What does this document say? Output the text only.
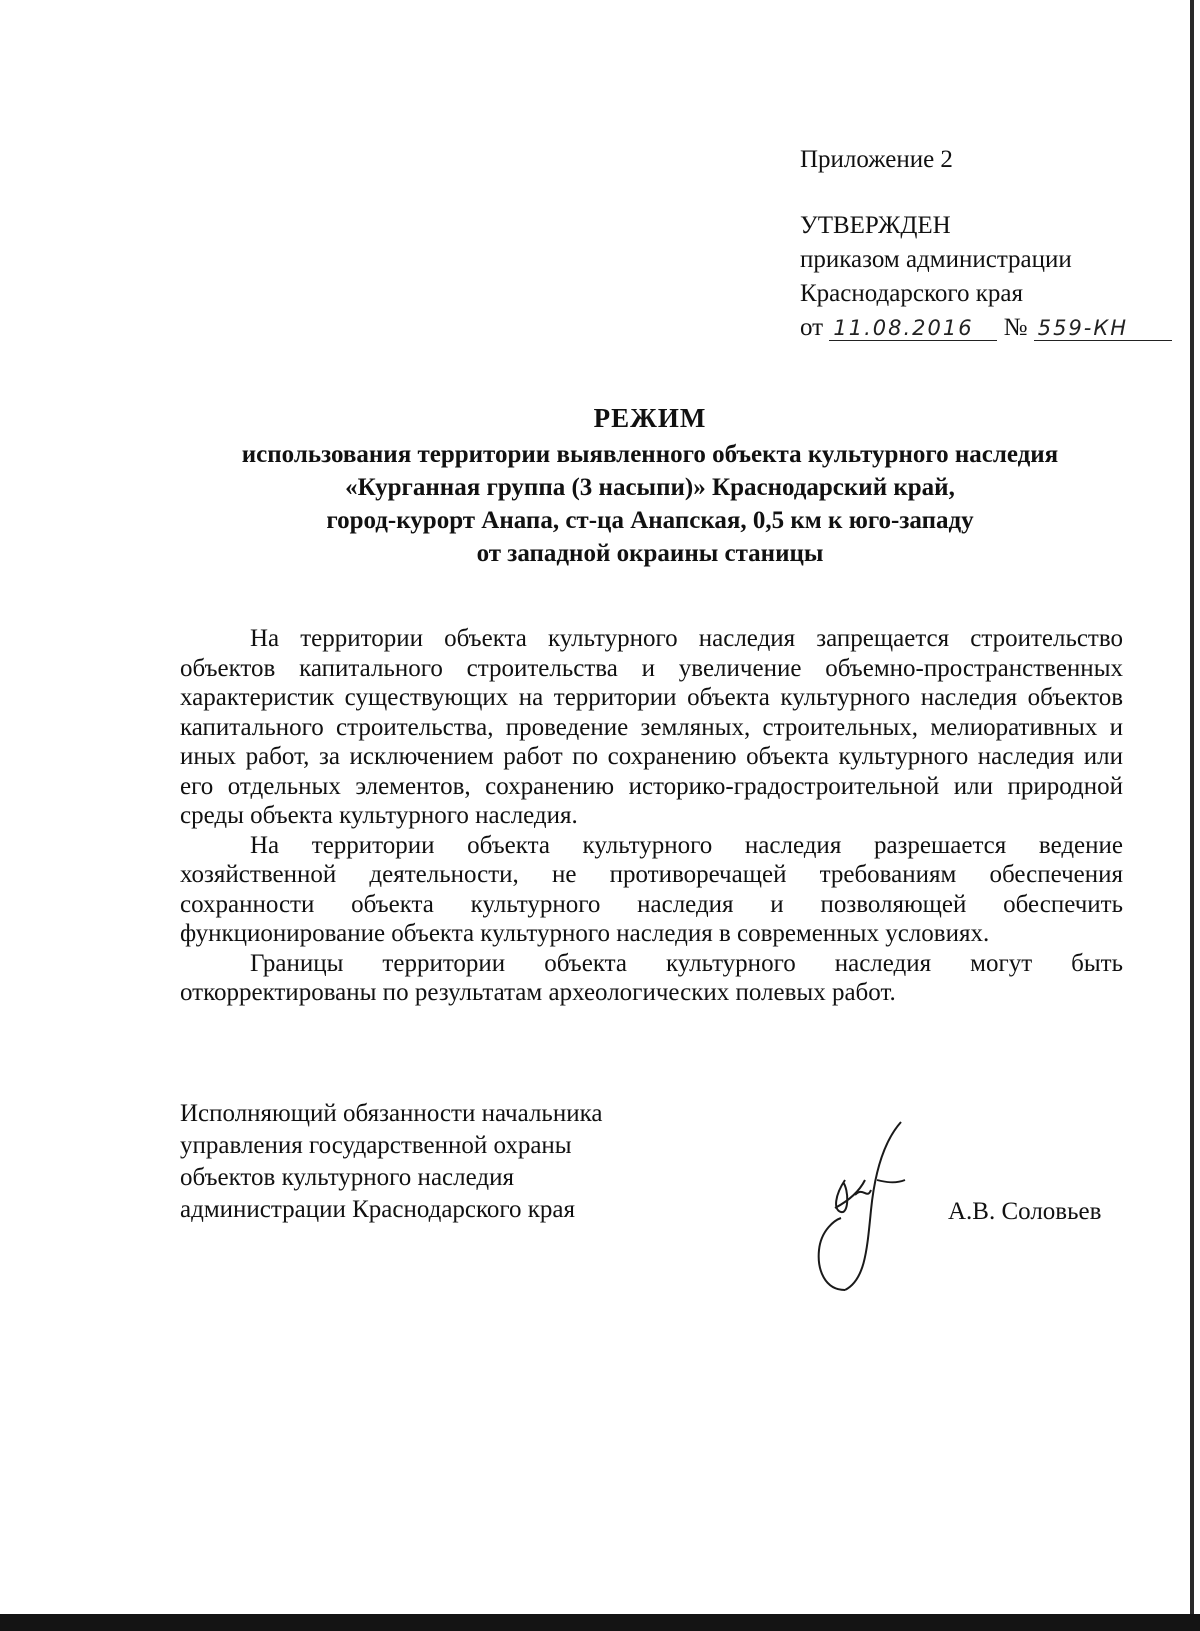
Приложение 2
УТВЕРЖДЕН
приказом администрации
Краснодарского края
от 11.08.2016 № 559-КН
РЕЖИМ
использования территории выявленного объекта культурного наследия
«Курганная группа (3 насыпи)» Краснодарский край,
город-курорт Анапа, ст-ца Анапская, 0,5 км к юго-западу
от западной окраины станицы

На территории объекта культурного наследия запрещается строительство объектов капитального строительства и увеличение объемно-пространственных характеристик существующих на территории объекта культурного наследия объектов капитального строительства, проведение земляных, строительных, мелиоративных и иных работ, за исключением работ по сохранению объекта культурного наследия или его отдельных элементов, сохранению историко-градостроительной или природной среды объекта культурного наследия.

На территории объекта культурного наследия разрешается ведение хозяйственной деятельности, не противоречащей требованиям обеспечения сохранности объекта культурного наследия и позволяющей обеспечить функционирование объекта культурного наследия в современных условиях.

Границы территории объекта культурного наследия могут быть откорректированы по результатам археологических полевых работ.

Исполняющий обязанности начальника
управления государственной охраны
объектов культурного наследия
администрации Краснодарского края	А.В. Соловьев
